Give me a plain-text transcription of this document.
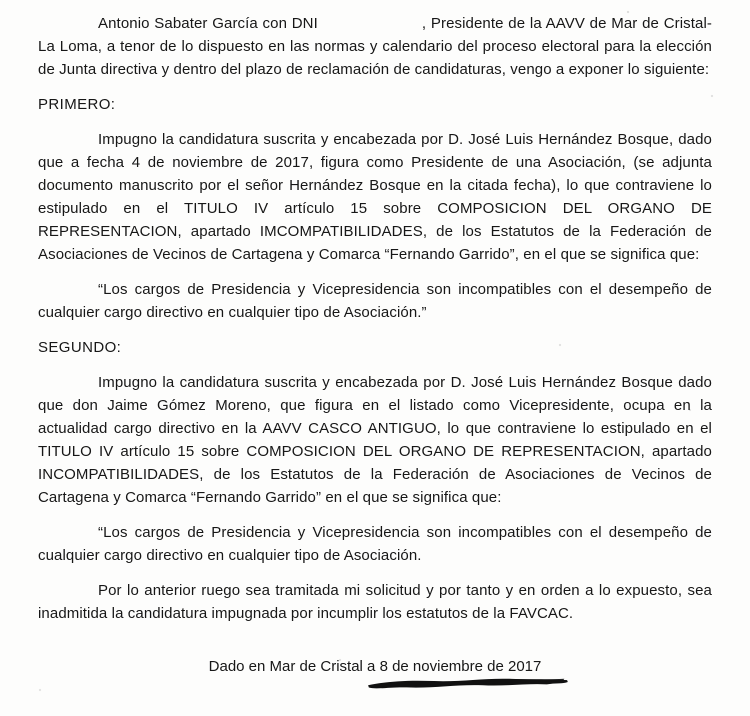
Antonio Sabater García con DNI	, Presidente de la AAVV de Mar de Cristal-La Loma, a tenor de lo dispuesto en las normas y calendario del proceso electoral para la elección de Junta directiva y dentro del plazo de reclamación de candidaturas, vengo a exponer lo siguiente:

PRIMERO:

Impugno la candidatura suscrita y encabezada por D. José Luis Hernández Bosque, dado que a fecha 4 de noviembre de 2017, figura como Presidente de una Asociación, (se adjunta documento manuscrito por el señor Hernández Bosque en la citada fecha), lo que contraviene lo estipulado en el TITULO IV artículo 15 sobre COMPOSICION DEL ORGANO DE REPRESENTACION, apartado IMCOMPATIBILIDADES, de los Estatutos de la Federación de Asociaciones de Vecinos de Cartagena y Comarca “Fernando Garrido”, en el que se significa que:

“Los cargos de Presidencia y Vicepresidencia son incompatibles con el desempeño de cualquier cargo directivo en cualquier tipo de Asociación.”

SEGUNDO:

Impugno la candidatura suscrita y encabezada por D. José Luis Hernández Bosque dado que don Jaime Gómez Moreno, que figura en el listado como Vicepresidente, ocupa en la actualidad cargo directivo en la AAVV CASCO ANTIGUO, lo que contraviene lo estipulado en el TITULO IV artículo 15 sobre COMPOSICION DEL ORGANO DE REPRESENTACION, apartado INCOMPATIBILIDADES, de los Estatutos de la Federación de Asociaciones de Vecinos de Cartagena y Comarca “Fernando Garrido” en el que se significa que:

“Los cargos de Presidencia y Vicepresidencia son incompatibles con el desempeño de cualquier cargo directivo en cualquier tipo de Asociación.

Por lo anterior ruego sea tramitada mi solicitud y por tanto y en orden a lo expuesto, sea inadmitida la candidatura impugnada por incumplir los estatutos de la FAVCAC.

Dado en Mar de Cristal a 8 de noviembre de 2017
